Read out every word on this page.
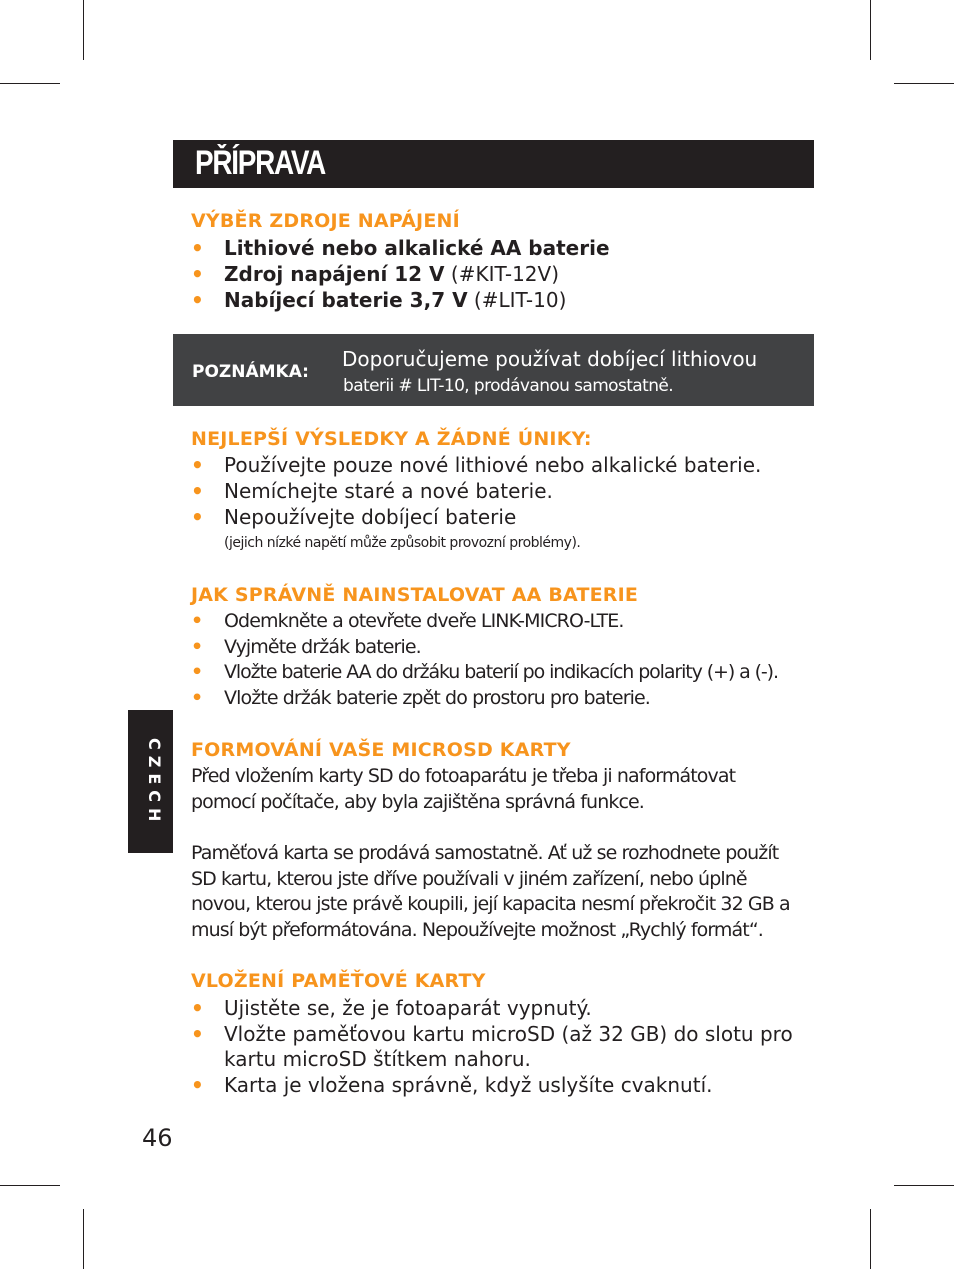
PŘÍPRAVA
VÝBĚR ZDROJE NAPÁJENÍ
• Lithiové nebo alkalické AA baterie
• Zdroj napájení 12 V (#KIT-12V)
• Nabíjecí baterie 3,7 V (#LIT-10)
POZNÁMKA:
Doporučujeme používat dobíjecí lithiovou
baterii # LIT-10, prodávanou samostatně.
NEJLEPŠÍ VÝSLEDKY A ŽÁDNÉ ÚNIKY:
• Používejte pouze nové lithiové nebo alkalické baterie.
• Nemíchejte staré a nové baterie.
• Nepoužívejte dobíjecí baterie
(jejich nízké napětí může způsobit provozní problémy).
JAK SPRÁVNĚ NAINSTALOVAT AA BATERIE
• Odemkněte a otevřete dveře LINK-MICRO-LTE.
• Vyjměte držák baterie.
• Vložte baterie AA do držáku baterií po indikacích polarity (+) a (-).
• Vložte držák baterie zpět do prostoru pro baterie.
FORMOVÁNÍ VAŠE MICROSD KARTY
Před vložením karty SD do fotoaparátu je třeba ji naformátovat
pomocí počítače, aby byla zajištěna správná funkce.
Paměťová karta se prodává samostatně. Ať už se rozhodnete použít
SD kartu, kterou jste dříve používali v jiném zařízení, nebo úplně
novou, kterou jste právě koupili, její kapacita nesmí překročit 32 GB a
musí být přeformátována. Nepoužívejte možnost „Rychlý formát“.
VLOŽENÍ PAMĚŤOVÉ KARTY
• Ujistěte se, že je fotoaparát vypnutý.
• Vložte paměťovou kartu microSD (až 32 GB) do slotu pro
kartu microSD štítkem nahoru.
• Karta je vložena správně, když uslyšíte cvaknutí.
CZECH
46
